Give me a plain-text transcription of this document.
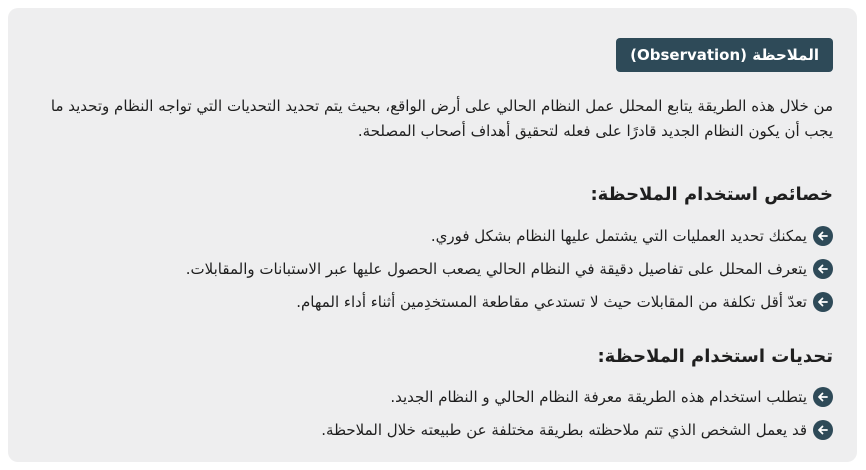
الملاحظة (Observation)

من خلال هذه الطريقة يتابع المحلل عمل النظام الحالي على أرض الواقع، بحيث يتم تحديد التحديات التي تواجه النظام وتحديد ما يجب أن يكون النظام الجديد قادرًا على فعله لتحقيق أهداف أصحاب المصلحة.

خصائص استخدام الملاحظة:
يمكنك تحديد العمليات التي يشتمل عليها النظام بشكل فوري.
يتعرف المحلل على تفاصيل دقيقة في النظام الحالي يصعب الحصول عليها عبر الاستبانات والمقابلات.
تعدّ أقل تكلفة من المقابلات حيث لا تستدعي مقاطعة المستخدِمين أثناء أداء المهام.
تحديات استخدام الملاحظة:
يتطلب استخدام هذه الطريقة معرفة النظام الحالي و النظام الجديد.
قد يعمل الشخص الذي تتم ملاحظته بطريقة مختلفة عن طبيعته خلال الملاحظة.
